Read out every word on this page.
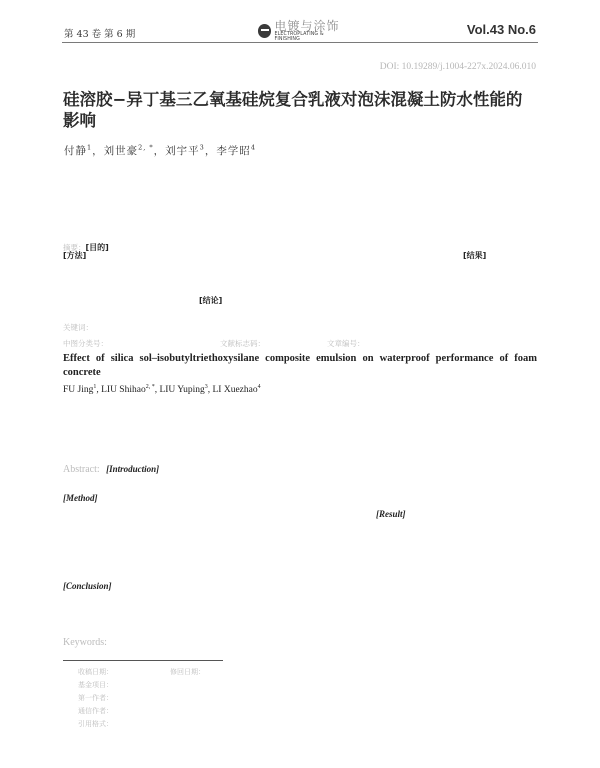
第 43 卷 第 6 期
电镀与涂饰
ELECTROPLATING & FINISHING
Vol.43 No.6
DOI: 10.19289/j.1004-227x.2024.06.010
硅溶胶−异丁基三乙氧基硅烷复合乳液对泡沫混凝土防水性能的影响
付静$^1$，刘世豪$^{2, *}$，刘宇平$^3$，李学昭$^4$
摘要：[目的]
[方法]	[结果]
[结论]
关键词：
中图分类号：	文献标志码：	文章编号：
Effect of silica sol–isobutyltriethoxysilane composite emulsion on waterproof performance of foam concrete
FU Jing$^1$, LIU Shihao$^{2, *}$, LIU Yuping$^3$, LI Xuezhao$^4$
Abstract: [Introduction]
[Method]
[Result]
[Conclusion]
Keywords:
收稿日期：	修回日期：
基金项目：
第一作者：
通信作者：
引用格式：
